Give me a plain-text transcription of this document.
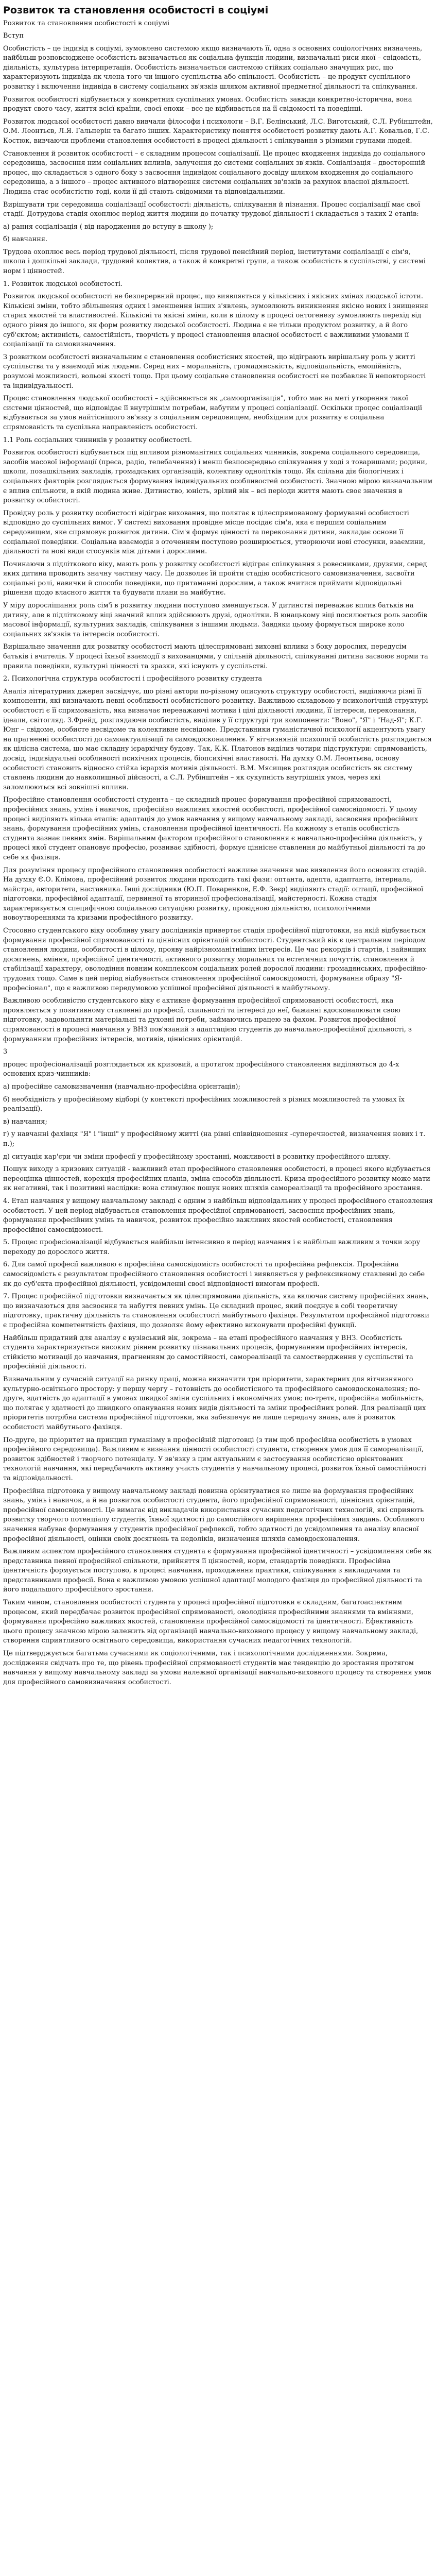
Розвиток та становлення особистості в соціумі
Розвиток та становлення особистості в соціумі
Вступ
Особистість – це індивід в соціумі, зумовлено системою якщо визначають її, одна з основних соціологічних визначень, найбільш розповсюджене особистість визначається як соціальна функція людини, визначальні риси якої – свідомість, діяльність, культурна інтерпретація. Особистість визначається системою стійких соціально значущих рис, що характеризують індивіда як члена того чи іншого суспільства або спільності. Особистість – це продукт суспільного розвитку і включення індивіда в систему соціальних зв'язків шляхом активної предметної діяльності та спілкування.
Розвиток особистості відбувається у конкретних суспільних умовах. Особистість завжди конкретно-історична, вона продукт свого часу, життя всієї країни, своєї епохи – все це відбивається на її свідомості та поведінці.
Розвиток людської особистості давно вивчали філософи і психологи – В.Г. Белінський, Л.С. Виготський, С.Л. Рубінштейн, О.М. Леонтьєв, Л.Я. Гальперін та багато інших. Характеристику поняття особистості розвитку дають А.Г. Ковальов, Г.С. Костюк, вивчаючи проблеми становлення особистості в процесі діяльності і спілкування з різними групами людей.
Становлення й розвиток особистості – є складним процесом соціалізації. Це процес входження індивіда до соціального середовища, засвоєння ним соціальних впливів, залучення до системи соціальних зв'язків. Соціалізація – двосторонній процес, що складається з одного боку з засвоєння індивідом соціального досвіду шляхом входження до соціального середовища, а з іншого – процес активного відтворення системи соціальних зв'язків за рахунок власної діяльності. Людина стає особистістю тоді, коли її дії стають свідомими та відповідальними.
Вирішувати три середовища соціалізації особистості: діяльність, спілкування й пізнання. Процес соціалізації має свої стадії. Дотрудова стадія охоплює період життя людини до початку трудової діяльності і складається з таких 2 етапів:
а) рання соціалізація ( від народження до вступу в школу );
б) навчання.
Трудова охоплює весь період трудової діяльності, після трудової пенсійний період, інститутами соціалізації є сім'я, школа і дошкільні заклади, трудовий колектив, а також й конкретні групи, а також особистість в суспільстві, у системі норм і цінностей.
1. Розвиток людської особистості.
Розвиток людської особистості не безперервний процес, що виявляється у кількісних і якісних змінах людської істоти. Кількісні зміни, тобто збільшення одних і зменшення інших з'явлень, зумовлюють виникнення якісно нових і знищення старих якостей та властивостей. Кількісні та якісні зміни, коли в цілому в процесі онтогенезу зумовлюють перехід від одного рівня до іншого, як форм розвитку людської особистості. Людина є не тільки продуктом розвитку, а й його суб'єктом; активність, самостійність, творчість у процесі становлення власної особистості є важливими умовами її соціалізації та самовизначення.
З розвитком особистості визначальним є становлення особистісних якостей, що відіграють вирішальну роль у житті суспільства та у взаємодії між людьми. Серед них – моральність, громадянськість, відповідальність, емоційність, розумові можливості, вольові якості тощо. При цьому соціальне становлення особистості не позбавляє її неповторності та індивідуальності.
Процес становлення людської особистості – здійснюється як „самоорганізація", тобто має на меті утворення такої системи цінностей, що відповідає її внутрішнім потребам, набутим у процесі соціалізації. Оскільки процес соціалізації відбувається за умов найтіснішого зв'язку з соціальним середовищем, необхідним для розвитку є соціальна спрямованість та суспільна направленість особистості.
1.1 Роль соціальних чинників у розвитку особистості.
Розвиток особистості відбувається під впливом різноманітних соціальних чинників, зокрема соціального середовища, засобів масової інформації (преса, радіо, телебачення) і менш безпосередньо спілкування у ході з товаришами; родини, школи, позашкільних закладів, громадських організацій, колективу однолітків тощо. Як спільна дія біологічних і соціальних факторів розглядається формування індивідуальних особливостей особистості. Значною мірою визначальним є вплив спільноти, в якій людина живе. Дитинство, юність, зрілий вік – всі періоди життя мають своє значення в розвитку особистості.
Провідну роль у розвитку особистості відіграє виховання, що полягає в цілеспрямованому формуванні особистості відповідно до суспільних вимог. У системі виховання провідне місце посідає сім'я, яка є першим соціальним середовищем, яке спрямовує розвиток дитини. Сім'я формує цінності та переконання дитини, закладає основи її соціальної поведінки. Соціальна взаємодія з оточенням поступово розширюється, утворюючи нові стосунки, взаємини, діяльності та нові види стосунків між дітьми і дорослими.
Починаючи з підліткового віку, мають роль у розвитку особистості відіграє спілкування з ровесниками, друзями, серед яких дитина проводить значну частину часу. Це дозволяє їй пройти стадію особистісного самовизначення, засвоїти соціальні ролі, навички й способи поведінки, що притаманні дорослим, а також вчитися приймати відповідальні рішення щодо власного життя та будувати плани на майбутнє.
У міру дорослішання роль сім'ї в розвитку людини поступово зменшується. У дитинстві переважає вплив батьків на дитину, але в підлітковому віці значний вплив здійснюють друзі, однолітки. В юнацькому віці посилюється роль засобів масової інформації, культурних закладів, спілкування з іншими людьми. Завдяки цьому формується широке коло соціальних зв'язків та інтересів особистості.
Вирішальне значення для розвитку особистості мають цілеспрямовані виховні впливи з боку дорослих, передусім батьків і вчителів. У процесі їхньої взаємодії з вихованцями, у спільній діяльності, спілкуванні дитина засвоює норми та правила поведінки, культурні цінності та зразки, які існують у суспільстві.
2. Психологічна структура особистості і професійного розвитку студента
Аналіз літературних джерел засвідчує, що різні автори по-різному описують структуру особистості, виділяючи різні її компоненти, які визначають певні особливості особистісного розвитку. Важливою складовою у психологічній структурі особистості є її спрямованість, яка визначає переважаючі мотиви і цілі діяльності людини, її інтереси, переконання, ідеали, світогляд. З.Фрейд, розглядаючи особистість, виділив у її структурі три компоненти: "Воно", "Я" і "Над-Я"; К.Г. Юнг – свідоме, особисте несвідоме та колективне несвідоме. Представники гуманістичної психології акцентують увагу на прагненні особистості до самоактуалізації та самовдосконалення. У вітчизняній психології особистість розглядається як цілісна система, що має складну ієрархічну будову. Так, К.К. Платонов виділив чотири підструктури: спрямованість, досвід, індивідуальні особливості психічних процесів, біопсихічні властивості. На думку О.М. Леонтьєва, основу особистості становить відносно стійка ієрархія мотивів діяльності. В.М. Мясищев розглядав особистість як систему ставлень людини до навколишньої дійсності, а С.Л. Рубінштейн – як сукупність внутрішніх умов, через які заломлюються всі зовнішні впливи.
Професійне становлення особистості студента – це складний процес формування професійної спрямованості, професійних знань, умінь і навичок, професійно важливих якостей особистості, професійної самосвідомості. У цьому процесі виділяють кілька етапів: адаптація до умов навчання у вищому навчальному закладі, засвоєння професійних знань, формування професійних умінь, становлення професійної ідентичності. На кожному з етапів особистість студента зазнає певних змін. Вирішальним фактором професійного становлення є навчально-професійна діяльність, у процесі якої студент опановує професію, розвиває здібності, формує ціннісне ставлення до майбутньої діяльності та до себе як фахівця.
Для розуміння процесу професійного становлення особистості важливе значення має виявлення його основних стадій. На думку Є.О. Клімова, професійний розвиток людини проходить такі фази: оптанта, адепта, адаптанта, інтернала, майстра, авторитета, наставника. Інші дослідники (Ю.П. Поваренков, Е.Ф. Зеєр) виділяють стадії: оптації, професійної підготовки, професійної адаптації, первинної та вторинної професіоналізації, майстерності. Кожна стадія характеризується специфічною соціальною ситуацією розвитку, провідною діяльністю, психологічними новоутвореннями та кризами професійного розвитку.
Стосовно студентського віку особливу увагу дослідників привертає стадія професійної підготовки, на якій відбувається формування професійної спрямованості та ціннісних орієнтацій особистості. Студентський вік є центральним періодом становлення людини, особистості в цілому, прояву найрізноманітніших інтересів. Це час рекордів і стартів, і найвищих досягнень, вміння, професійної ідентичності, активного розвитку моральних та естетичних почуттів, становлення й стабілізації характеру, оволодіння повним комплексом соціальних ролей дорослої людини: громадянських, професійно-трудових тощо. Саме в цей період відбувається становлення професійної самосвідомості, формування образу "Я-професіонал", що є важливою передумовою успішної професійної діяльності в майбутньому.
Важливою особливістю студентського віку є активне формування професійної спрямованості особистості, яка проявляється у позитивному ставленні до професії, схильності та інтересі до неї, бажанні вдосконалювати свою підготовку, задовольняти матеріальні та духовні потреби, займаючись працею за фахом. Розвиток професійної спрямованості в процесі навчання у ВНЗ пов'язаний з адаптацією студентів до навчально-професійної діяльності, з формуванням професійних інтересів, мотивів, ціннісних орієнтацій.
3
процес професіоналізації розглядається як кризовий, а протягом професійного становлення виділяються до 4-х основних криз-чинників:
а) професійне самовизначення (навчально-професійна орієнтація);
б) необхідність у професійному відборі (у контексті професійних можливостей з різних можливостей та умовах їх реалізації).
в) навчання;
г) у навчанні фахівця "Я" і "інші" у професійному житті (на рівні співвідношення -суперечностей, визначення нових і т. п.);
д) ситуація кар'єри чи зміни професії у професійному зростанні, можливості в розвитку професійного шляху.
Пошук виходу з кризових ситуацій - важливий етап професійного становлення особистості, в процесі якого відбувається переоцінка цінностей, корекція професійних планів, зміна способів діяльності. Криза професійного розвитку може мати як негативні, так і позитивні наслідки: вона стимулює пошук нових шляхів самореалізації та професійного зростання.
4. Етап навчання у вищому навчальному закладі є одним з найбільш відповідальних у процесі професійного становлення особистості. У цей період відбувається становлення професійної спрямованості, засвоєння професійних знань, формування професійних умінь та навичок, розвиток професійно важливих якостей особистості, становлення професійної самосвідомості.
5. Процес професіоналізації відбувається найбільш інтенсивно в період навчання і є найбільш важливим з точки зору переходу до дорослого життя.
6. Для самої професії важливою є професійна самосвідомість особистості та професійна рефлексія. Професійна самосвідомість є результатом професійного становлення особистості і виявляється у рефлексивному ставленні до себе як до суб'єкта професійної діяльності, усвідомленні своєї відповідності вимогам професії.
7. Процес професійної підготовки визначається як цілеспрямована діяльність, яка включає систему професійних знань, що визначаються для засвоєння та набуття певних умінь. Це складний процес, який поєднує в собі теоретичну підготовку, практичну діяльність та становлення особистості майбутнього фахівця. Результатом професійної підготовки є професійна компетентність фахівця, що дозволяє йому ефективно виконувати професійні функції.
Найбільш придатний для аналізу є вузівський вік, зокрема – на етапі професійного навчання у ВНЗ. Особистість студента характеризується високим рівнем розвитку пізнавальних процесів, формуванням професійних інтересів, стійкістю мотивації до навчання, прагненням до самостійності, самореалізації та самоствердження у суспільстві та професійній діяльності.
Визначальним у сучасній ситуації на ринку праці, можна визначити три пріоритети, характерних для вітчизняного культурно-освітнього простору: у першу чергу – готовність до особистісного та професійного самовдосконалення; по-друге, здатність до адаптації в умовах швидкої зміни суспільних і економічних умов; по-третє, професійна мобільність, що полягає у здатності до швидкого опанування нових видів діяльності та зміни професійних ролей. Для реалізації цих пріоритетів потрібна система професійної підготовки, яка забезпечує не лише передачу знань, але й розвиток особистості майбутнього фахівця.
По-друге, це пріоритет на принцип гуманізму в професійній підготовці (з тим щоб професійна особистість в умовах професійного середовища). Важливим є визнання цінності особистості студента, створення умов для її самореалізації, розвиток здібностей і творчого потенціалу. У зв'язку з цим актуальним є застосування особистісно орієнтованих технологій навчання, які передбачають активну участь студентів у навчальному процесі, розвиток їхньої самостійності та відповідальності.
Професійна підготовка у вищому навчальному закладі повинна орієнтуватися не лише на формування професійних знань, умінь і навичок, а й на розвиток особистості студента, його професійної спрямованості, ціннісних орієнтацій, професійної самосвідомості. Це вимагає від викладачів використання сучасних педагогічних технологій, які сприяють розвитку творчого потенціалу студентів, їхньої здатності до самостійного вирішення професійних завдань. Особливого значення набуває формування у студентів професійної рефлексії, тобто здатності до усвідомлення та аналізу власної професійної діяльності, оцінки своїх досягнень та недоліків, визначення шляхів самовдосконалення.
Важливим аспектом професійного становлення студента є формування професійної ідентичності – усвідомлення себе як представника певної професійної спільноти, прийняття її цінностей, норм, стандартів поведінки. Професійна ідентичність формується поступово, в процесі навчання, проходження практики, спілкування з викладачами та представниками професії. Вона є важливою умовою успішної адаптації молодого фахівця до професійної діяльності та його подальшого професійного зростання.
Таким чином, становлення особистості студента у процесі професійної підготовки є складним, багатоаспектним процесом, який передбачає розвиток професійної спрямованості, оволодіння професійними знаннями та вміннями, формування професійно важливих якостей, становлення професійної самосвідомості та ідентичності. Ефективність цього процесу значною мірою залежить від організації навчально-виховного процесу у вищому навчальному закладі, створення сприятливого освітнього середовища, використання сучасних педагогічних технологій.
Це підтверджується багатьма сучасними як соціологічними, так і психологічними дослідженнями. Зокрема, дослідження свідчать про те, що рівень професійної спрямованості студентів має тенденцію до зростання протягом навчання у вищому навчальному закладі за умови належної організації навчально-виховного процесу та створення умов для професійного самовизначення особистості.
